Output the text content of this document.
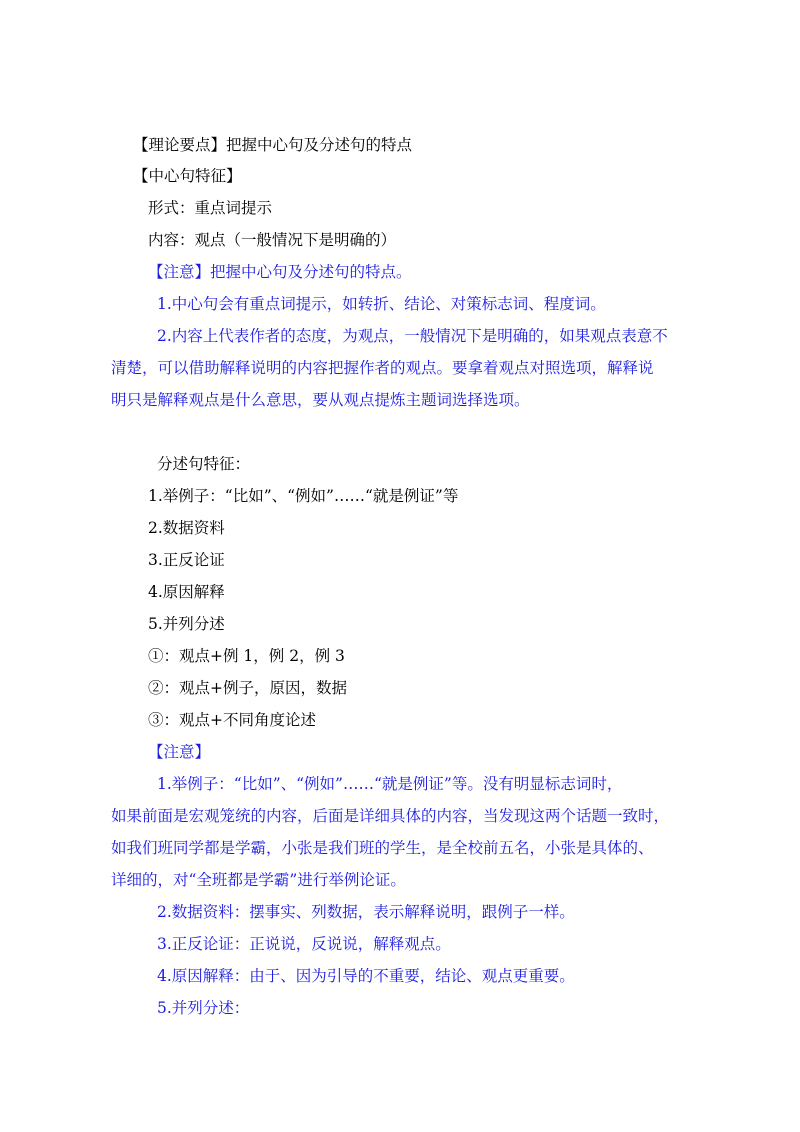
【理论要点】把握中心句及分述句的特点

【中心句特征】

形式：重点词提示

内容：观点（一般情况下是明确的）

【注意】把握中心句及分述句的特点。

1.中心句会有重点词提示，如转折、结论、对策标志词、程度词。

2.内容上代表作者的态度，为观点，一般情况下是明确的，如果观点表意不

清楚，可以借助解释说明的内容把握作者的观点。要拿着观点对照选项，解释说

明只是解释观点是什么意思，要从观点提炼主题词选择选项。

分述句特征：

1.举例子：“比如”、“例如”……“就是例证”等

2.数据资料

3.正反论证

4.原因解释

5.并列分述

①：观点+例 1，例 2，例 3

②：观点+例子，原因，数据

③：观点+不同角度论述

【注意】

1.举例子：“比如”、“例如”……“就是例证”等。没有明显标志词时，

如果前面是宏观笼统的内容，后面是详细具体的内容，当发现这两个话题一致时，

如我们班同学都是学霸，小张是我们班的学生，是全校前五名，小张是具体的、

详细的，对“全班都是学霸”进行举例论证。

2.数据资料：摆事实、列数据，表示解释说明，跟例子一样。

3.正反论证：正说说，反说说，解释观点。

4.原因解释：由于、因为引导的不重要，结论、观点更重要。

5.并列分述：
